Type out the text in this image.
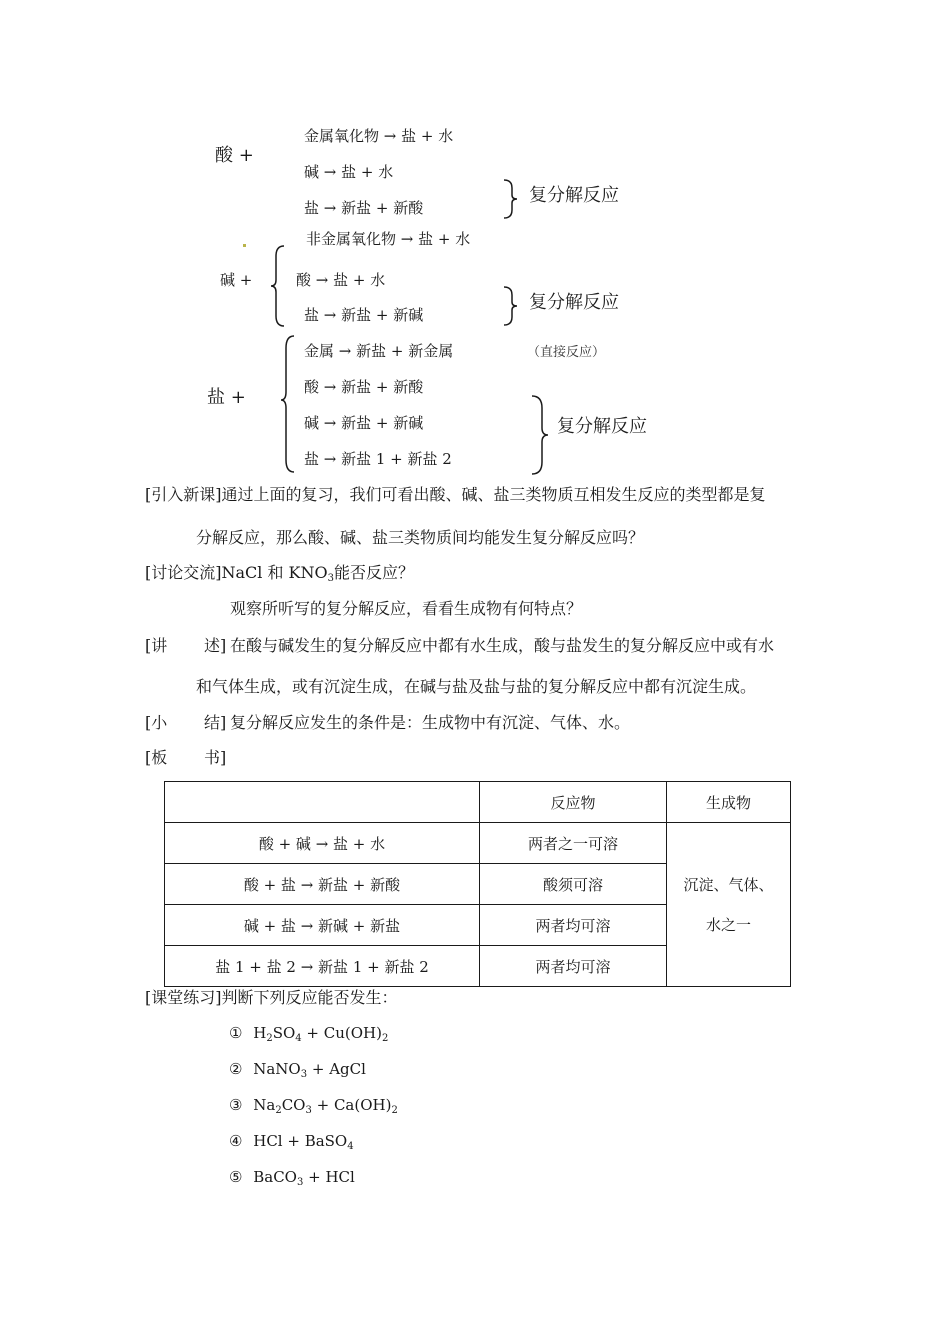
酸 +
金属氧化物 → 盐 + 水
碱 → 盐 + 水
盐 → 新盐 + 新酸
复分解反应
非金属氧化物 → 盐 + 水
碱 +	酸 → 盐 + 水
盐 → 新盐 + 新碱
复分解反应
金属 → 新盐 + 新金属	（直接反应）
盐 +	酸 → 新盐 + 新酸
碱 → 新盐 + 新碱
盐 → 新盐 1 + 新盐 2
复分解反应
[引入新课]通过上面的复习，我们可看出酸、碱、盐三类物质互相发生反应的类型都是复
分解反应，那么酸、碱、盐三类物质间均能发生复分解反应吗？
[讨论交流]NaCl 和 $KNO_3$能否反应？
观察所听写的复分解反应，看看生成物有何特点？
[讲 述] 在酸与碱发生的复分解反应中都有水生成，酸与盐发生的复分解反应中或有水
和气体生成，或有沉淀生成，在碱与盐及盐与盐的复分解反应中都有沉淀生成。
[小 结] 复分解反应发生的条件是：生成物中有沉淀、气体、水。
[板 书]
	反应物	生成物
酸 + 碱 → 盐 + 水	两者之一可溶	沉淀、气体、
水之一
酸 + 盐 → 新盐 + 新酸	酸须可溶	
碱 + 盐 → 新碱 + 新盐	两者均可溶	
盐 1 + 盐 2 → 新盐 1 + 新盐 2	两者均可溶	
[课堂练习]判断下列反应能否发生：
① $H_2SO_4 + Cu(OH)_2$
② NaNO$_3$ + AgCl
③ $Na_2CO_3 + Ca(OH)_2$
④ HCl + BaSO$_4$
⑤ BaCO$_3$ + HCl
